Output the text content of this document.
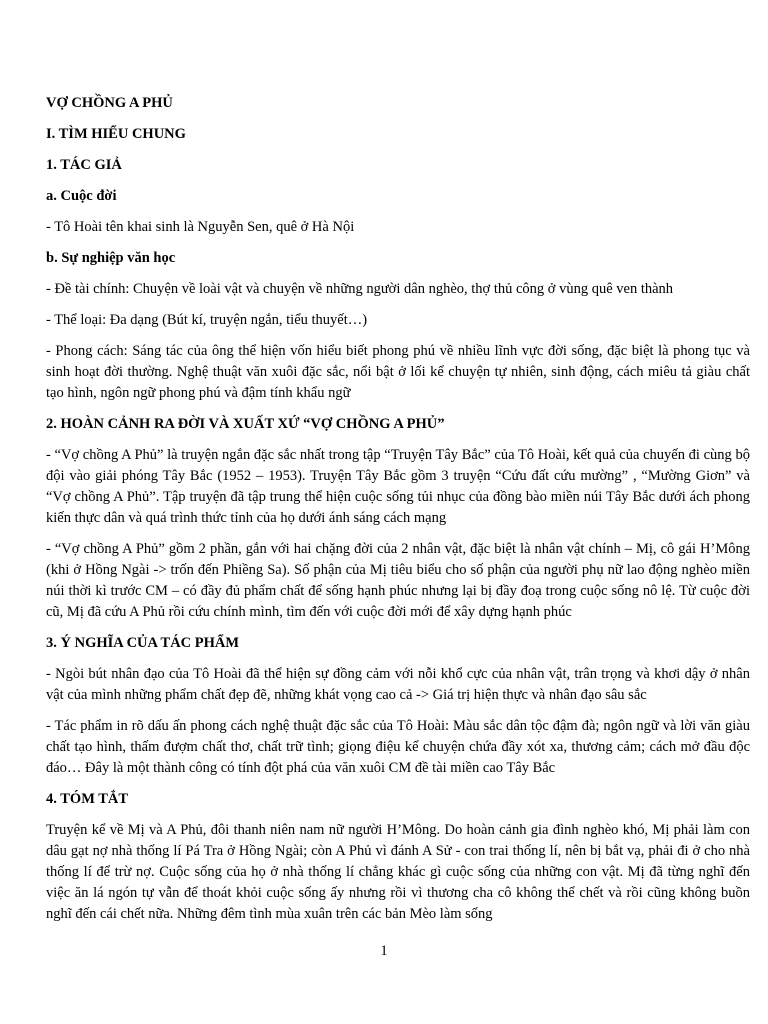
VỢ CHỒNG A PHỦ
I. TÌM HIỂU CHUNG
1. TÁC GIẢ
a. Cuộc đời
- Tô Hoài tên khai sinh là Nguyễn Sen, quê ở Hà Nội
b. Sự nghiệp văn học
- Đề tài chính: Chuyện về loài vật và chuyện về những người dân nghèo, thợ thủ công ở vùng quê ven thành
- Thể loại: Đa dạng (Bút kí, truyện ngắn, tiểu thuyết…)
- Phong cách: Sáng tác của ông thể hiện vốn hiểu biết phong phú về nhiều lĩnh vực đời sống, đặc biệt là phong tục và sinh hoạt đời thường. Nghệ thuật văn xuôi đặc sắc, nổi bật ở lối kể chuyện tự nhiên, sinh động, cách miêu tả giàu chất tạo hình, ngôn ngữ phong phú và đậm tính khẩu ngữ
2. HOÀN CẢNH RA ĐỜI VÀ XUẤT XỨ “VỢ CHỒNG A PHỦ”
- “Vợ chồng A Phủ” là truyện ngắn đặc sắc nhất trong tập “Truyện Tây Bắc” của Tô Hoài, kết quả của chuyến đi cùng bộ đội vào giải phóng Tây Bắc (1952 – 1953). Truyện Tây Bắc gồm 3 truyện “Cứu đất cứu mường” , “Mường Giơn” và “Vợ chồng A Phủ”. Tập truyện đã tập trung thể hiện cuộc sống tủi nhục của đồng bào miền núi Tây Bắc dưới ách phong kiến thực dân và quá trình thức tỉnh của họ dưới ánh sáng cách mạng
- “Vợ chồng A Phủ” gồm 2 phần, gắn với hai chặng đời của 2 nhân vật, đặc biệt là nhân vật chính – Mị, cô gái H’Mông (khi ở Hồng Ngài -> trốn đến Phiềng Sa). Số phận của Mị tiêu biểu cho số phận của người phụ nữ lao động nghèo miền núi thời kì trước CM – có đầy đủ phẩm chất để sống hạnh phúc nhưng lại bị đầy đoạ trong cuộc sống nô lệ. Từ cuộc đời cũ, Mị đã cứu A Phủ rồi cứu chính mình, tìm đến với cuộc đời mới để xây dựng hạnh phúc
3. Ý NGHĨA CỦA TÁC PHẨM
- Ngòi bút nhân đạo của Tô Hoài đã thể hiện sự đồng cảm với nỗi khổ cực của nhân vật, trân trọng và khơi dậy ở nhân vật của mình những phẩm chất đẹp đẽ, những khát vọng cao cả -> Giá trị hiện thực và nhân đạo sâu sắc
- Tác phẩm in rõ dấu ấn phong cách nghệ thuật đặc sắc của Tô Hoài: Màu sắc dân tộc đậm đà; ngôn ngữ và lời văn giàu chất tạo hình, thấm đượm chất thơ, chất trữ tình; giọng điệu kể chuyện chứa đầy xót xa, thương cảm; cách mở đầu độc đáo… Đây là một thành công có tính đột phá của văn xuôi CM đề tài miền cao Tây Bắc
4. TÓM TẮT
Truyện kể về Mị và A Phủ, đôi thanh niên nam nữ người H’Mông. Do hoàn cảnh gia đình nghèo khó, Mị phải làm con dâu gạt nợ nhà thống lí Pá Tra ở Hồng Ngài; còn A Phủ vì đánh A Sử - con trai thống lí, nên bị bắt vạ, phải đi ở cho nhà thống lí để trừ nợ. Cuộc sống của họ ở nhà thống lí chẳng khác gì cuộc sống của những con vật. Mị đã từng nghĩ đến việc ăn lá ngón tự vẫn để thoát khỏi cuộc sống ấy nhưng rồi vì thương cha cô không thể chết và rồi cũng không buồn nghĩ đến cái chết nữa. Những đêm tình mùa xuân trên các bản Mèo làm sống
1
